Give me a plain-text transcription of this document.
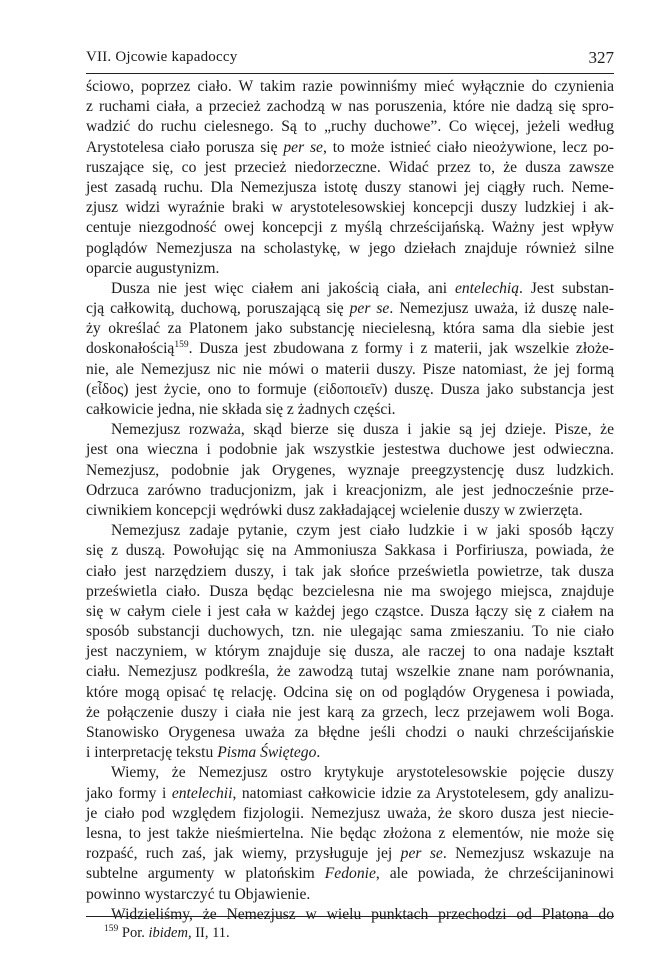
VII. Ojcowie kapadoccy	327
ściowo, poprzez ciało. W takim razie powinniśmy mieć wyłącznie do czynienia
z ruchami ciała, a przecież zachodzą w nas poruszenia, które nie dadzą się spro-
wadzić do ruchu cielesnego. Są to „ruchy duchowe”. Co więcej, jeżeli według
Arystotelesa ciało porusza się per se, to może istnieć ciało nieożywione, lecz po-
ruszające się, co jest przecież niedorzeczne. Widać przez to, że dusza zawsze
jest zasadą ruchu. Dla Nemezjusza istotę duszy stanowi jej ciągły ruch. Neme-
zjusz widzi wyraźnie braki w arystotelesowskiej koncepcji duszy ludzkiej i ak-
centuje niezgodność owej koncepcji z myślą chrześcijańską. Ważny jest wpływ
poglądów Nemezjusza na scholastykę, w jego dziełach znajduje również silne
oparcie augustynizm.
Dusza nie jest więc ciałem ani jakością ciała, ani entelechią. Jest substan-
cją całkowitą, duchową, poruszającą się per se. Nemezjusz uważa, iż duszę nale-
ży określać za Platonem jako substancję niecielesną, która sama dla siebie jest
doskonałością$^{159}$. Dusza jest zbudowana z formy i z materii, jak wszelkie złoże-
nie, ale Nemezjusz nic nie mówi o materii duszy. Pisze natomiast, że jej formą
(εἶδος) jest życie, ono to formuje (εἰδοποιεῖν) duszę. Dusza jako substancja jest
całkowicie jedna, nie składa się z żadnych części.
Nemezjusz rozważa, skąd bierze się dusza i jakie są jej dzieje. Pisze, że
jest ona wieczna i podobnie jak wszystkie jestestwa duchowe jest odwieczna.
Nemezjusz, podobnie jak Orygenes, wyznaje preegzystencję dusz ludzkich.
Odrzuca zarówno traducjonizm, jak i kreacjonizm, ale jest jednocześnie prze-
ciwnikiem koncepcji wędrówki dusz zakładającej wcielenie duszy w zwierzęta.
Nemezjusz zadaje pytanie, czym jest ciało ludzkie i w jaki sposób łączy
się z duszą. Powołując się na Ammoniusza Sakkasa i Porfiriusza, powiada, że
ciało jest narzędziem duszy, i tak jak słońce prześwietla powietrze, tak dusza
prześwietla ciało. Dusza będąc bezcielesna nie ma swojego miejsca, znajduje
się w całym ciele i jest cała w każdej jego cząstce. Dusza łączy się z ciałem na
sposób substancji duchowych, tzn. nie ulegając sama zmieszaniu. To nie ciało
jest naczyniem, w którym znajduje się dusza, ale raczej to ona nadaje kształt
ciału. Nemezjusz podkreśla, że zawodzą tutaj wszelkie znane nam porównania,
które mogą opisać tę relację. Odcina się on od poglądów Orygenesa i powiada,
że połączenie duszy i ciała nie jest karą za grzech, lecz przejawem woli Boga.
Stanowisko Orygenesa uważa za błędne jeśli chodzi o nauki chrześcijańskie
i interpretację tekstu Pisma Świętego.
Wiemy, że Nemezjusz ostro krytykuje arystotelesowskie pojęcie duszy
jako formy i entelechii, natomiast całkowicie idzie za Arystotelesem, gdy analizu-
je ciało pod względem fizjologii. Nemezjusz uważa, że skoro dusza jest niecie-
lesna, to jest także nieśmiertelna. Nie będąc złożona z elementów, nie może się
rozpaść, ruch zaś, jak wiemy, przysługuje jej per se. Nemezjusz wskazuje na
subtelne argumenty w platońskim Fedonie, ale powiada, że chrześcijaninowi
powinno wystarczyć tu Objawienie.
Widzieliśmy, że Nemezjusz w wielu punktach przechodzi od Platona do
$^{159}$ Por. ibidem, II, 11.
